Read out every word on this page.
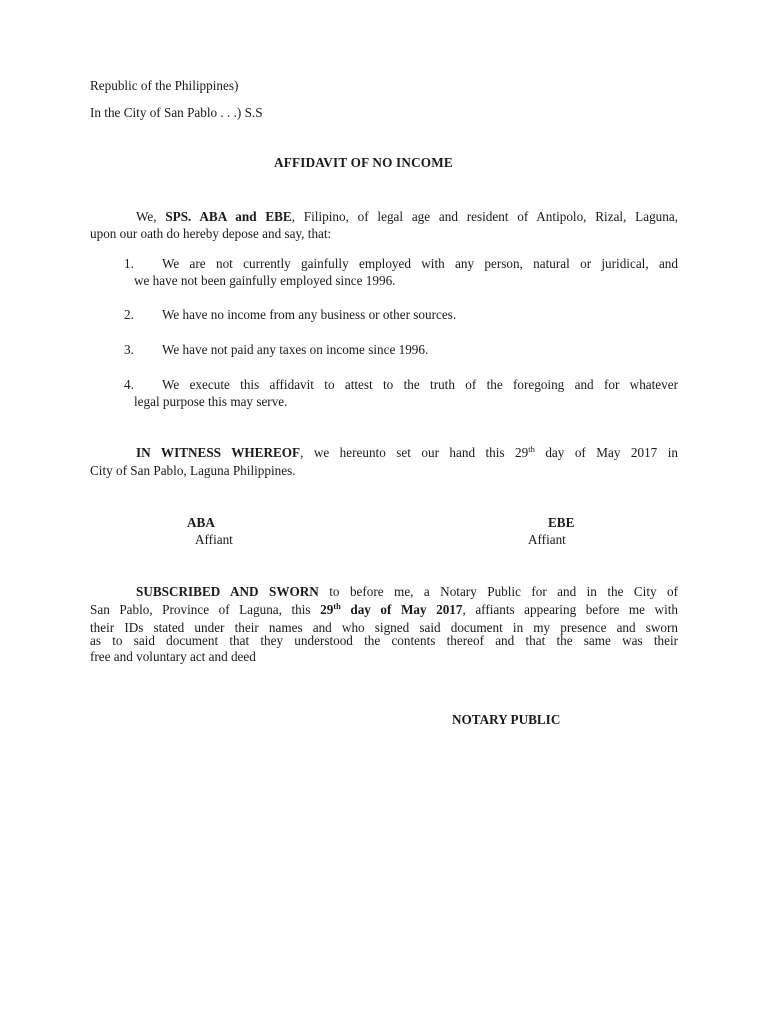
Republic of the Philippines)
In the City of San Pablo . . .) S.S
AFFIDAVIT OF NO INCOME
We, SPS. ABA and EBE, Filipino, of legal age and resident of Antipolo, Rizal, Laguna,
upon our oath do hereby depose and say, that:
1. We are not currently gainfully employed with any person, natural or juridical, and
we have not been gainfully employed since 1996.
2. We have no income from any business or other sources.
3. We have not paid any taxes on income since 1996.
4. We execute this affidavit to attest to the truth of the foregoing and for whatever
legal purpose this may serve.
IN WITNESS WHEREOF, we hereunto set our hand this 29th day of May 2017 in
City of San Pablo, Laguna Philippines.
ABA
Affiant
EBE
Affiant
SUBSCRIBED AND SWORN to before me, a Notary Public for and in the City of
San Pablo, Province of Laguna, this 29th day of May 2017, affiants appearing before me with
their IDs stated under their names and who signed said document in my presence and sworn
as to said document that they understood the contents thereof and that the same was their
free and voluntary act and deed
NOTARY PUBLIC
